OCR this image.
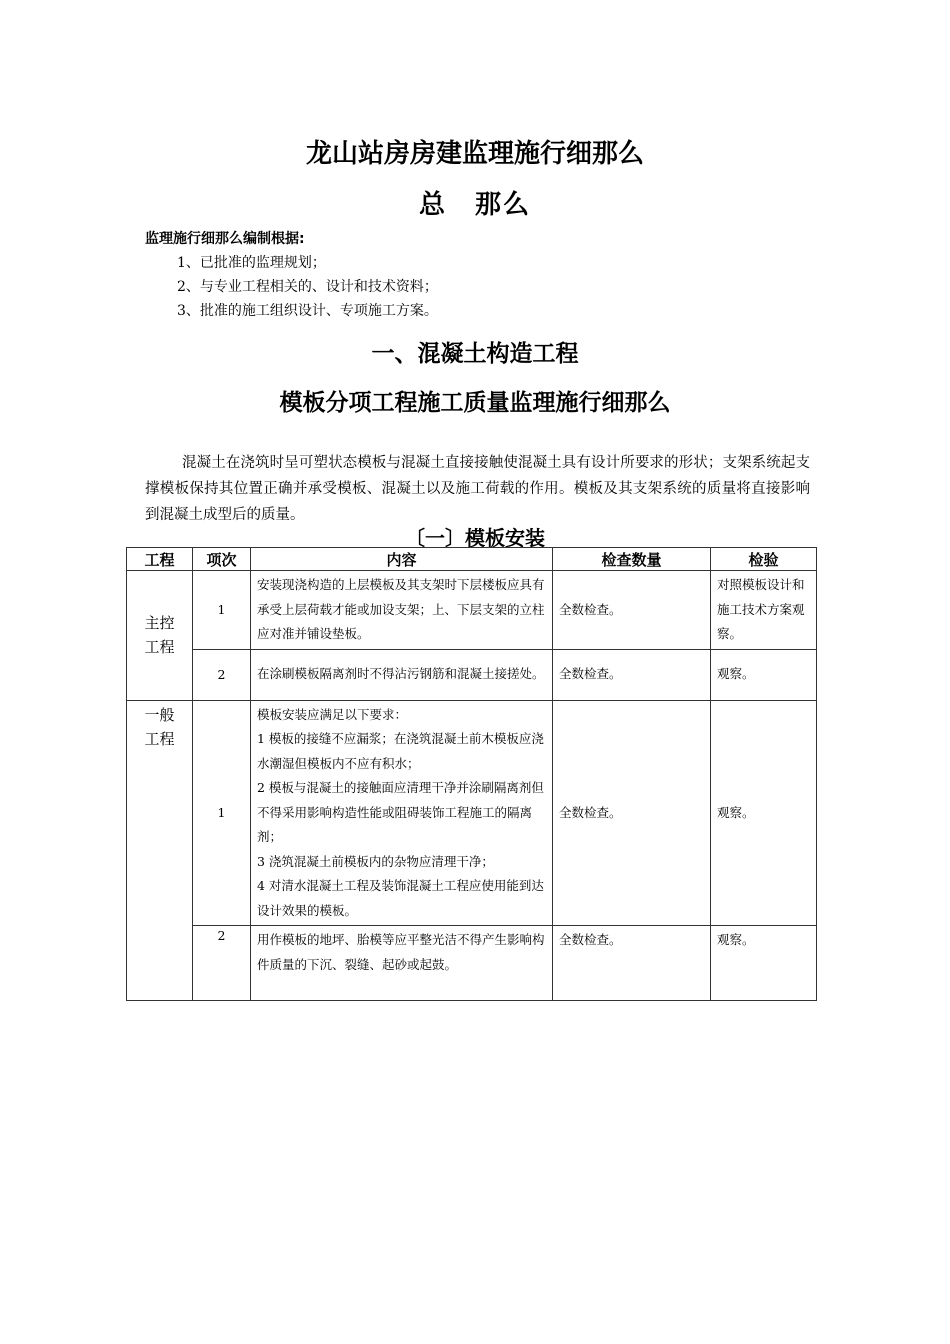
龙山站房房建监理施行细那么
总　那么
监理施行细那么编制根据:
1、已批准的监理规划；
2、与专业工程相关的、设计和技术资料；
3、批准的施工组织设计、专项施工方案。
一、混凝土构造工程
模板分项工程施工质量监理施行细那么
混凝土在浇筑时呈可塑状态模板与混凝土直接接触使混凝土具有设计所要求的形状；支架系统起支撑模板保持其位置正确并承受模板、混凝土以及施工荷载的作用。模板及其支架系统的质量将直接影响到混凝土成型后的质量。
〔一〕模板安装
工程	项次	内容	检查数量	检验
主控
工程	1	安装现浇构造的上层模板及其支架时下层楼板应具有承受上层荷载才能或加设支架；上、下层支架的立柱应对准并铺设垫板。	全数检查。	对照模板设计和施工技术方案观察。
	2	在涂刷模板隔离剂时不得沾污钢筋和混凝土接搓处。	全数检查。	观察。
一般
工程	1	模板安装应满足以下要求：
1 模板的接缝不应漏浆；在浇筑混凝土前木模板应浇水潮湿但模板内不应有积水；
2 模板与混凝土的接触面应清理干净并涂刷隔离剂但不得采用影响构造性能或阻碍装饰工程施工的隔离剂；
3 浇筑混凝土前模板内的杂物应清理干净；
4 对清水混凝土工程及装饰混凝土工程应使用能到达设计效果的模板。	全数检查。	观察。
	2	用作模板的地坪、胎模等应平整光洁不得产生影响构件质量的下沉、裂缝、起砂或起鼓。	全数检查。	观察。
